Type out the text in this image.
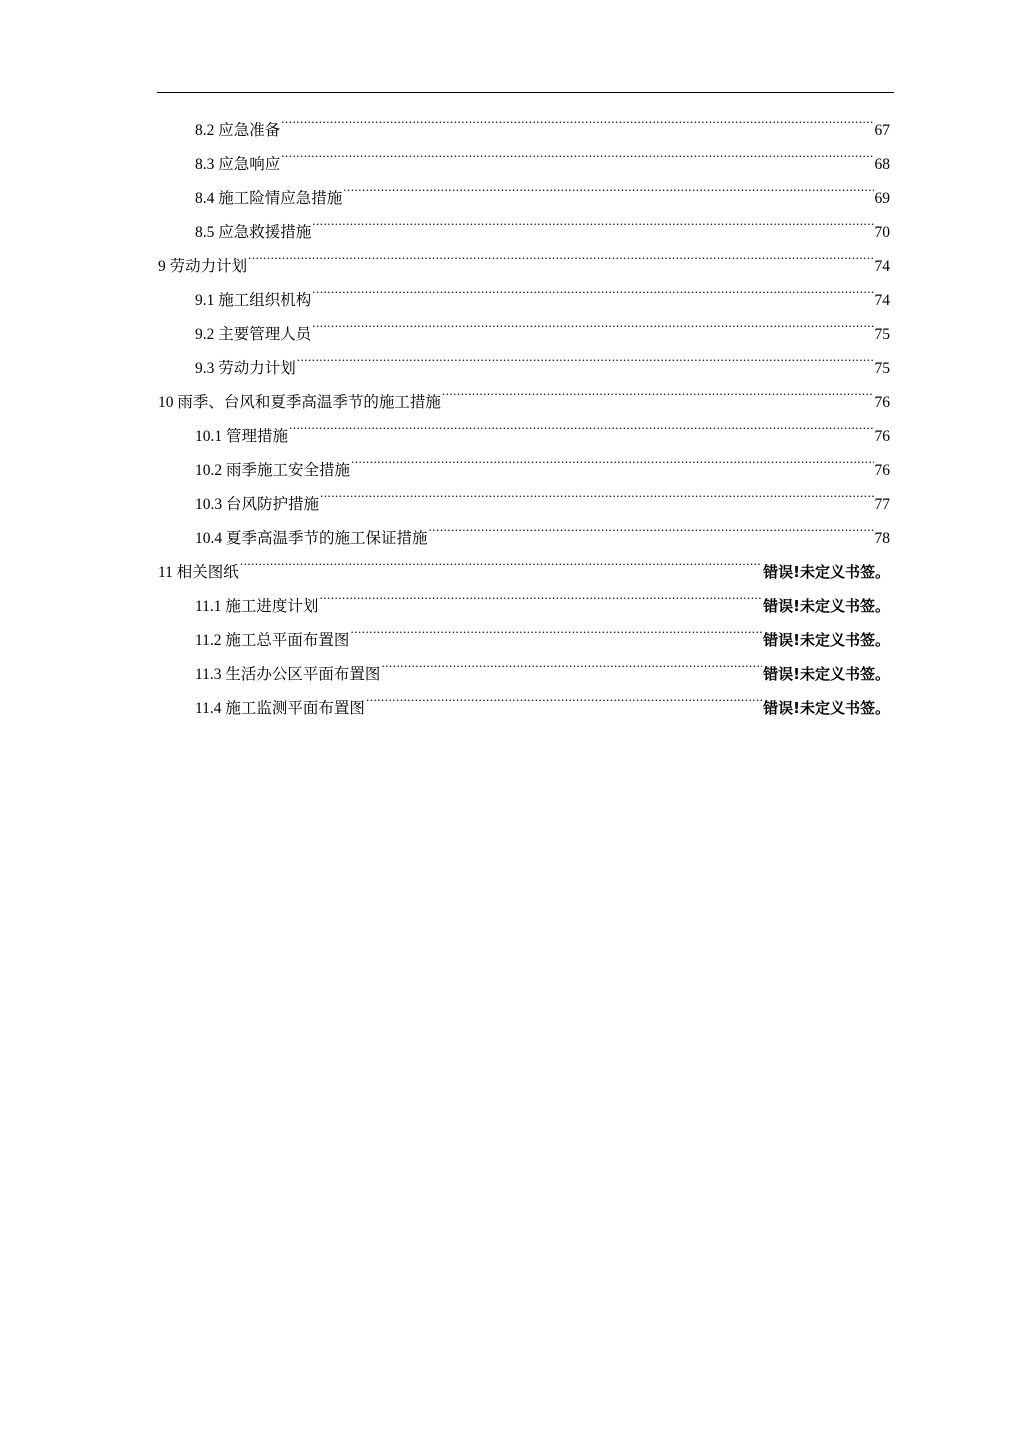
8.2 应急准备 .....	67
8.3 应急响应 .....	68
8.4 施工险情应急措施 .....	69
8.5 应急救援措施 .....	70
9 劳动力计划 .....	74
9.1 施工组织机构 .....	74
9.2 主要管理人员 .....	75
9.3 劳动力计划 .....	75
10 雨季、台风和夏季高温季节的施工措施 .....	76
10.1 管理措施 .....	76
10.2 雨季施工安全措施 .....	76
10.3 台风防护措施 .....	77
10.4 夏季高温季节的施工保证措施 .....	78
11 相关图纸 .....	错误!未定义书签。
11.1 施工进度计划 .....	错误!未定义书签。
11.2 施工总平面布置图 .....	错误!未定义书签。
11.3 生活办公区平面布置图 .....	错误!未定义书签。
11.4 施工监测平面布置图 .....	错误!未定义书签。
